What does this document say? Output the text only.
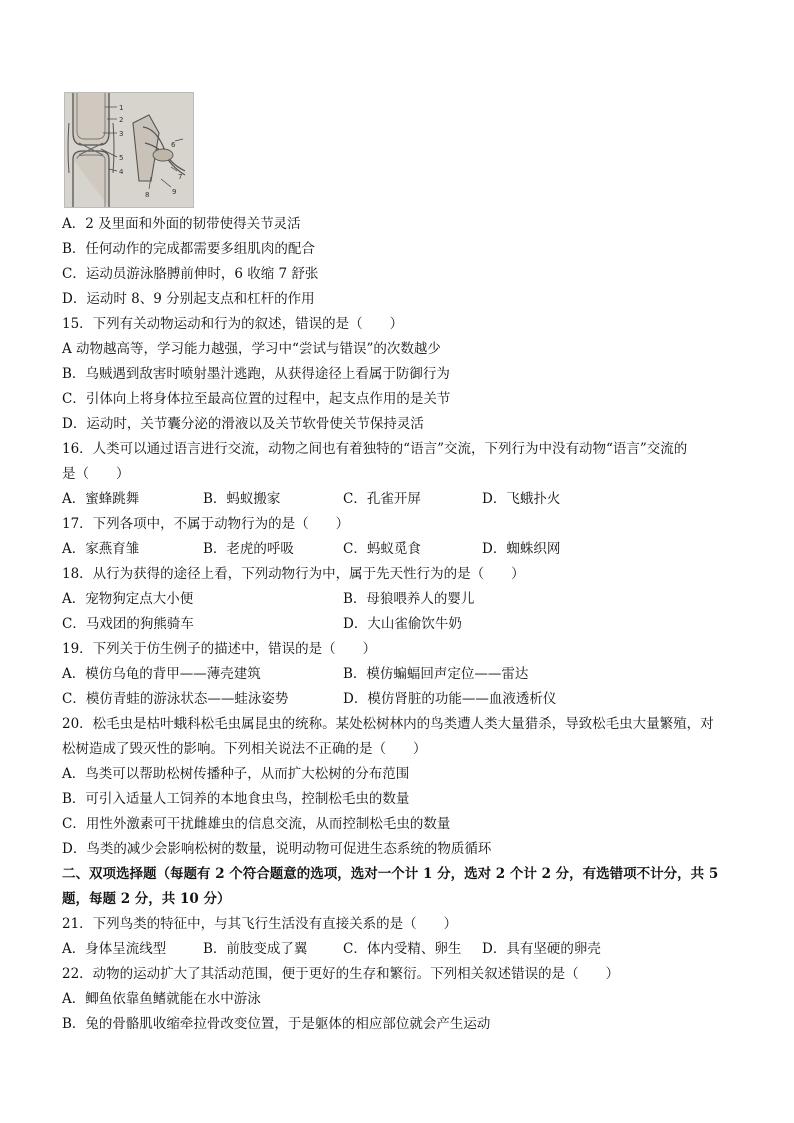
1
2
3
5
4
6
7
8	9
A．2 及里面和外面的韧带使得关节灵活
B．任何动作的完成都需要多组肌肉的配合
C．运动员游泳胳膊前伸时，6 收缩 7 舒张
D．运动时 8、9 分别起支点和杠杆的作用
15．下列有关动物运动和行为的叙述，错误的是（　　）
A 动物越高等，学习能力越强，学习中“尝试与错误”的次数越少
B．乌贼遇到敌害时喷射墨汁逃跑，从获得途径上看属于防御行为
C．引体向上将身体拉至最高位置的过程中，起支点作用的是关节
D．运动时，关节囊分泌的滑液以及关节软骨使关节保持灵活
16．人类可以通过语言进行交流，动物之间也有着独特的“语言”交流，下列行为中没有动物“语言”交流的
是（　　）
A．蜜蜂跳舞	B．蚂蚁搬家	C．孔雀开屏	D．飞蛾扑火
17．下列各项中，不属于动物行为的是（　　）
A．家燕育雏	B．老虎的呼吸	C．蚂蚁觅食	D．蜘蛛织网
18．从行为获得的途径上看，下列动物行为中，属于先天性行为的是（　　）
A．宠物狗定点大小便	B．母狼喂养人的婴儿
C．马戏团的狗熊骑车	D．大山雀偷饮牛奶
19．下列关于仿生例子的描述中，错误的是（　　）
A．模仿乌龟的背甲——薄壳建筑	B．模仿蝙蝠回声定位——雷达
C．模仿青蛙的游泳状态——蛙泳姿势	D．模仿肾脏的功能——血液透析仪
20．松毛虫是枯叶蛾科松毛虫属昆虫的统称。某处松树林内的鸟类遭人类大量猎杀，导致松毛虫大量繁殖，对
松树造成了毁灭性的影响。下列相关说法不正确的是（　　）
A．鸟类可以帮助松树传播种子，从而扩大松树的分布范围
B．可引入适量人工饲养的本地食虫鸟，控制松毛虫的数量
C．用性外激素可干扰雌雄虫的信息交流，从而控制松毛虫的数量
D．鸟类的减少会影响松树的数量，说明动物可促进生态系统的物质循环
二、双项选择题（每题有 2 个符合题意的选项，选对一个计 1 分，选对 2 个计 2 分，有选错项不计分，共 5
题，每题 2 分，共 10 分）
21．下列鸟类的特征中，与其飞行生活没有直接关系的是（　　）
A．身体呈流线型	B．前肢变成了翼	C．体内受精、卵生 D．具有坚硬的卵壳
22．动物的运动扩大了其活动范围，便于更好的生存和繁衍。下列相关叙述错误的是（　　）
A．鲫鱼依靠鱼鳍就能在水中游泳
B．兔的骨骼肌收缩牵拉骨改变位置，于是躯体的相应部位就会产生运动
